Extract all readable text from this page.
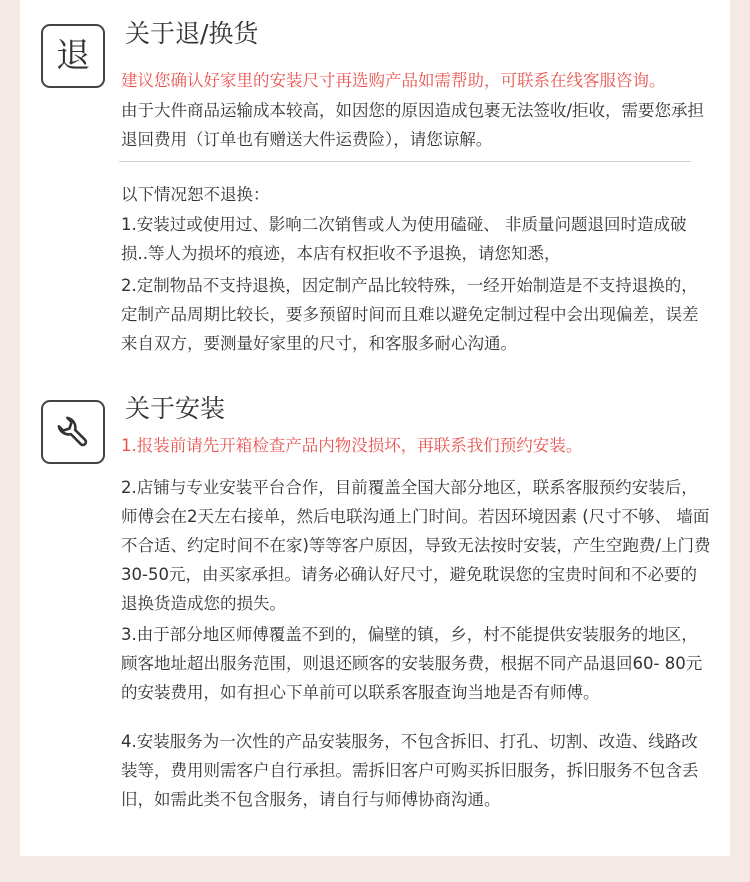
退
关于退/换货

建议您确认好家里的安装尺寸再选购产品如需帮助，可联系在线客服咨询。

由于大件商品运输成本较高，如因您的原因造成包裹无法签收/拒收，需要您承担退回费用（订单也有赠送大件运费险），请您谅解。

以下情况恕不退换：

1.安装过或使用过、影响二次销售或人为使用磕碰、 非质量问题退回时造成破损..等人为损坏的痕迹，本店有权拒收不予退换，请您知悉，

2.定制物品不支持退换，因定制产品比较特殊，一经开始制造是不支持退换的，定制产品周期比较长，要多预留时间而且难以避免定制过程中会出现偏差，误差来自双方，要测量好家里的尺寸，和客服多耐心沟通。

关于安装

1.报装前请先开箱检查产品内物没损坏，再联系我们预约安装。

2.店铺与专业安装平台合作，目前覆盖全国大部分地区，联系客服预约安装后，师傅会在2天左右接单，然后电联沟通上门时间。若因环境因素 (尺寸不够、 墙面不合适、约定时间不在家)等等客户原因，导致无法按时安装，产生空跑费/上门费30-50元，由买家承担。请务必确认好尺寸，避免耽误您的宝贵时间和不必要的退换货造成您的损失。

3.由于部分地区师傅覆盖不到的，偏壁的镇，乡，村不能提供安装服务的地区，顾客地址超出服务范围，则退还顾客的安装服务费，根据不同产品退回60- 80元的安装费用，如有担心下单前可以联系客服查询当地是否有师傅。

4.安装服务为一次性的产品安装服务，不包含拆旧、打孔、切割、改造、线路改装等，费用则需客户自行承担。需拆旧客户可购买拆旧服务，拆旧服务不包含丢旧，如需此类不包含服务，请自行与师傅协商沟通。
